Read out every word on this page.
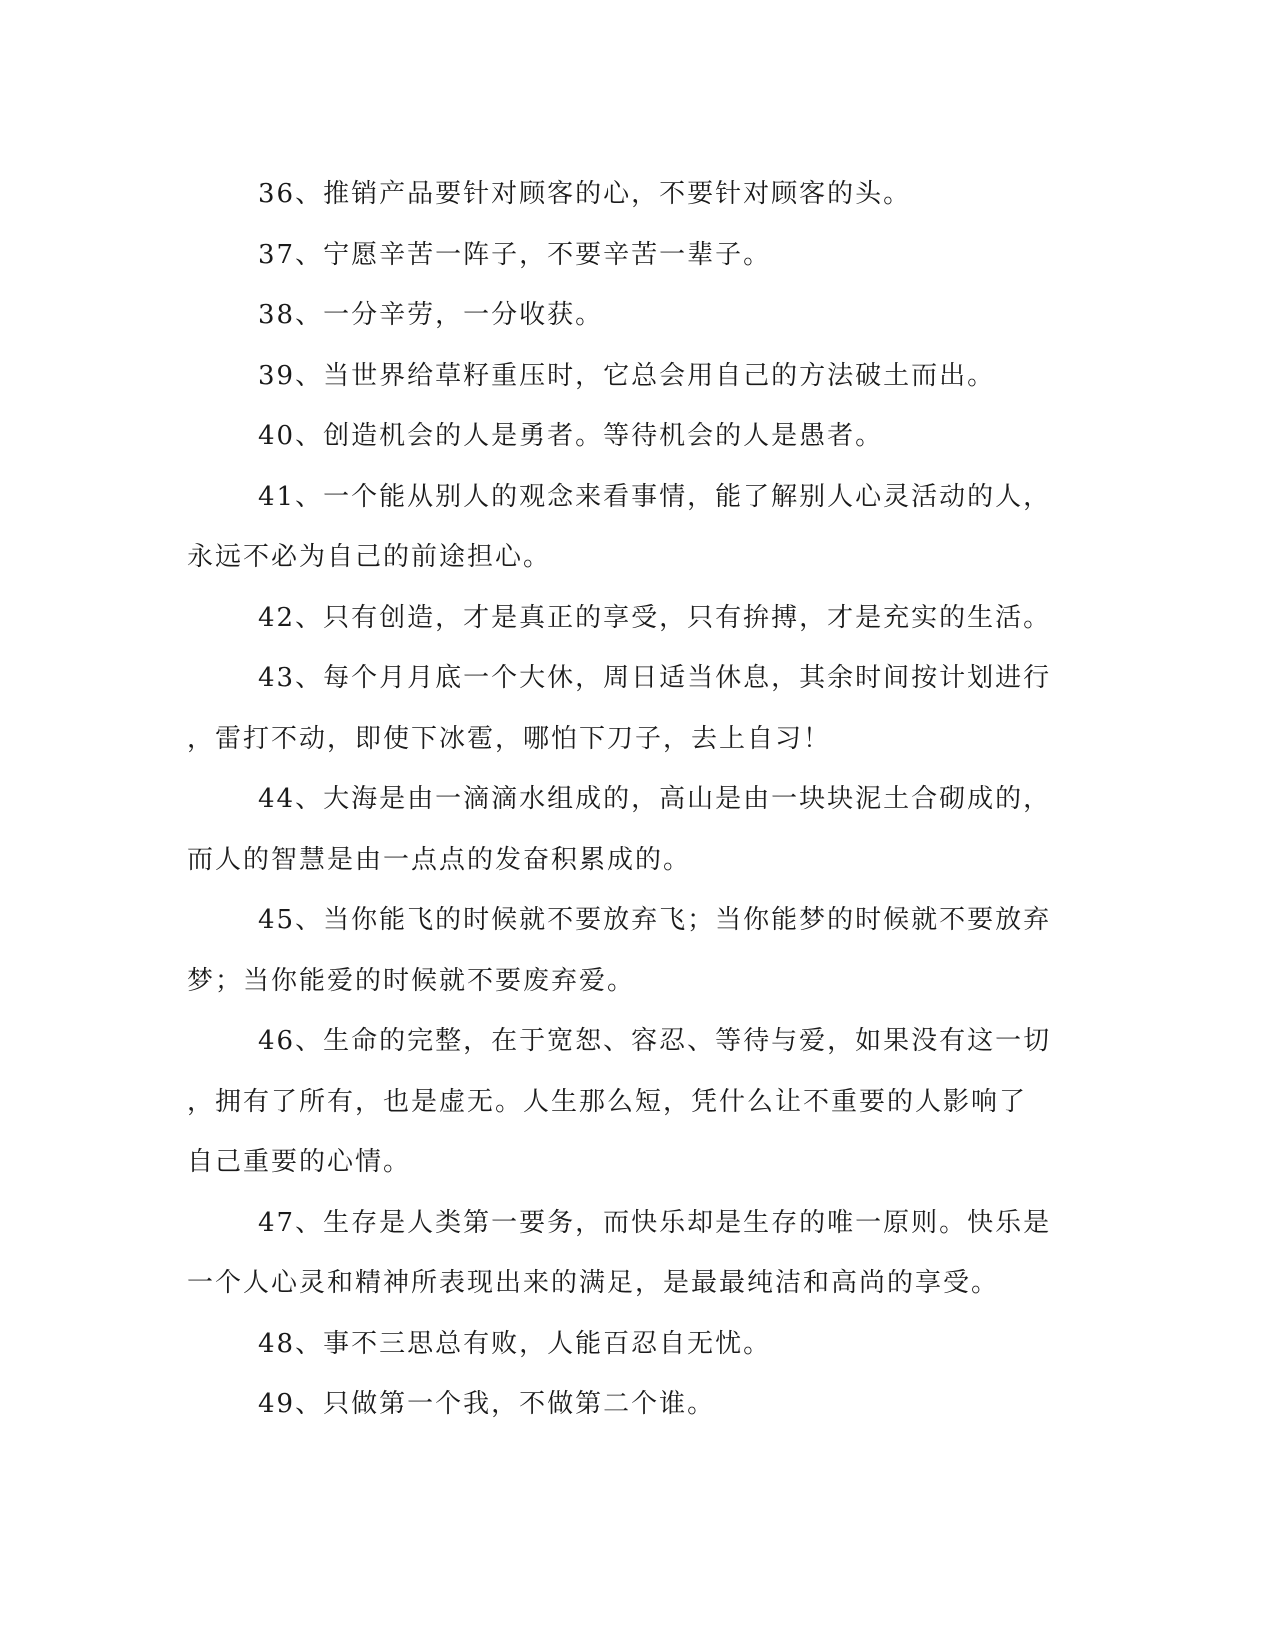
36、推销产品要针对顾客的心，不要针对顾客的头。

37、宁愿辛苦一阵子，不要辛苦一辈子。

38、一分辛劳，一分收获。

39、当世界给草籽重压时，它总会用自己的方法破土而出。

40、创造机会的人是勇者。等待机会的人是愚者。

41、一个能从别人的观念来看事情，能了解别人心灵活动的人，
永远不必为自己的前途担心。

42、只有创造，才是真正的享受，只有拚搏，才是充实的生活。

43、每个月月底一个大休，周日适当休息，其余时间按计划进行
，雷打不动，即使下冰雹，哪怕下刀子，去上自习！

44、大海是由一滴滴水组成的，高山是由一块块泥土合砌成的，
而人的智慧是由一点点的发奋积累成的。

45、当你能飞的时候就不要放弃飞；当你能梦的时候就不要放弃
梦；当你能爱的时候就不要废弃爱。

46、生命的完整，在于宽恕、容忍、等待与爱，如果没有这一切
，拥有了所有，也是虚无。人生那么短，凭什么让不重要的人影响了
自己重要的心情。

47、生存是人类第一要务，而快乐却是生存的唯一原则。快乐是
一个人心灵和精神所表现出来的满足，是最最纯洁和高尚的享受。

48、事不三思总有败，人能百忍自无忧。

49、只做第一个我，不做第二个谁。
